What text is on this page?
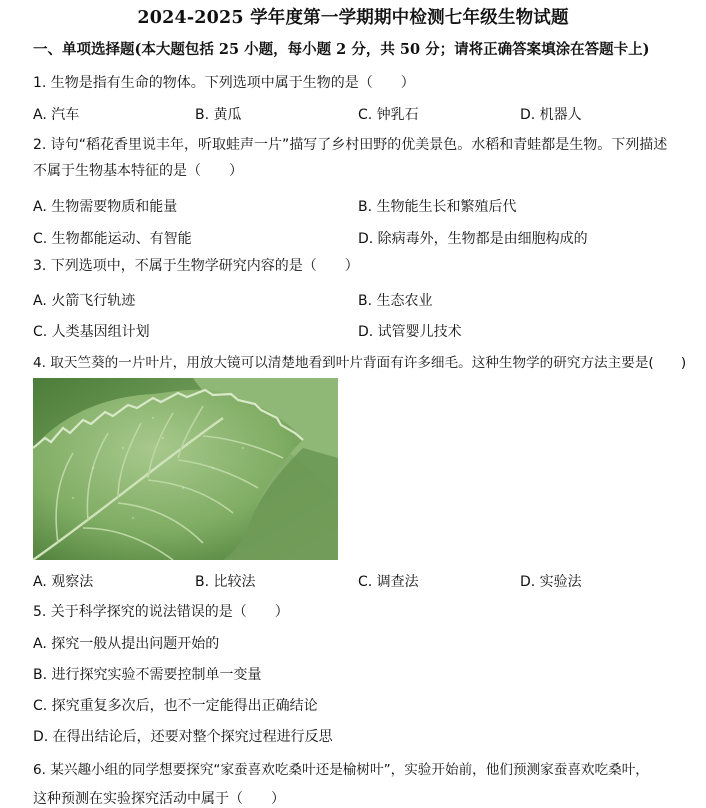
2024-2025 学年度第一学期期中检测七年级生物试题
一、单项选择题(本大题包括 25 小题，每小题 2 分，共 50 分；请将正确答案填涂在答题卡上)
1. 生物是指有生命的物体。下列选项中属于生物的是（　　）
A. 汽车	B. 黄瓜	C. 钟乳石	D. 机器人
2. 诗句“稻花香里说丰年，听取蛙声一片”描写了乡村田野的优美景色。水稻和青蛙都是生物。下列描述
不属于生物基本特征的是（　　）
A. 生物需要物质和能量	B. 生物能生长和繁殖后代
C. 生物都能运动、有智能	D. 除病毒外，生物都是由细胞构成的
3. 下列选项中，不属于生物学研究内容的是（　　）
A. 火箭飞行轨迹	B. 生态农业
C. 人类基因组计划	D. 试管婴儿技术
4. 取天竺葵的一片叶片，用放大镜可以清楚地看到叶片背面有许多细毛。这种生物学的研究方法主要是(　　)
A. 观察法	B. 比较法	C. 调查法	D. 实验法
5. 关于科学探究的说法错误的是（　　）
A. 探究一般从提出问题开始的
B. 进行探究实验不需要控制单一变量
C. 探究重复多次后，也不一定能得出正确结论
D. 在得出结论后，还要对整个探究过程进行反思
6. 某兴趣小组的同学想要探究“家蚕喜欢吃桑叶还是榆树叶”，实验开始前，他们预测家蚕喜欢吃桑叶，
这种预测在实验探究活动中属于（　　）
